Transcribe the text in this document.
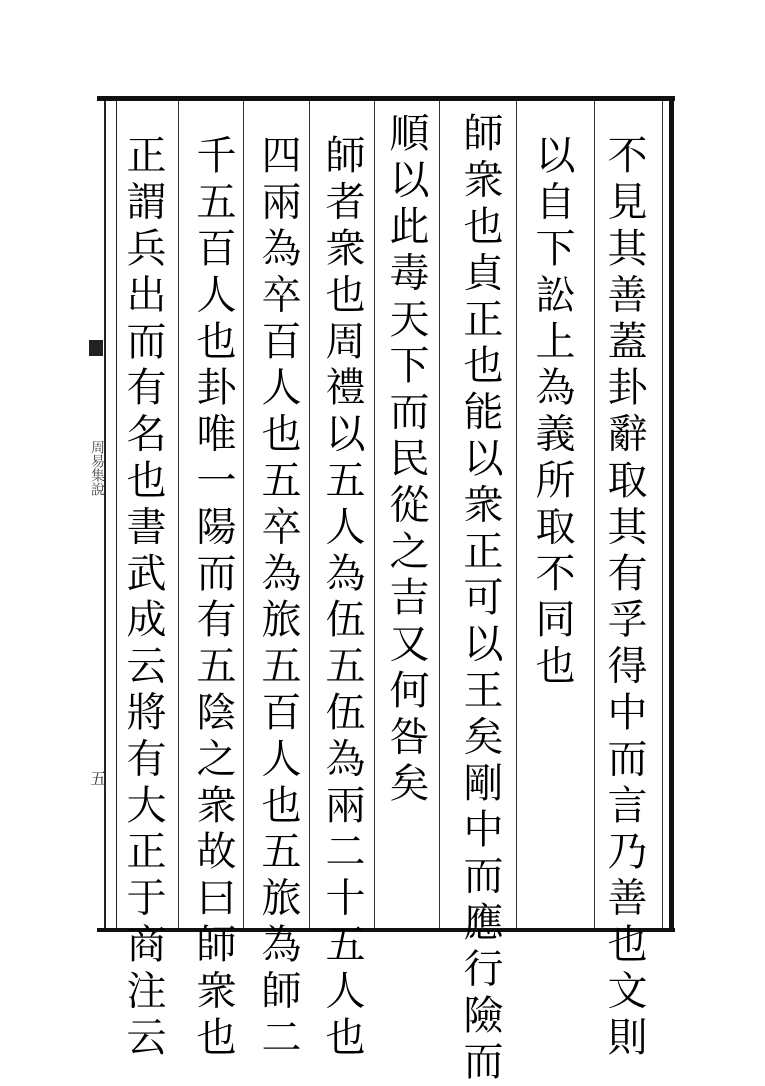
周易集說
五	不見其善蓋卦辭取其有孚得中而言乃善也文則
以自下訟上為義所取不同也
師衆也貞正也能以衆正可以王矣剛中而應行險而
順以此毒天下而民從之吉又何咎矣
師者衆也周禮以五人為伍五伍為兩二十五人也
四兩為卒百人也五卒為旅五百人也五旅為師二
千五百人也卦唯一陽而有五陰之衆故曰師衆也
正謂兵出而有名也書武成云將有大正于商注云
